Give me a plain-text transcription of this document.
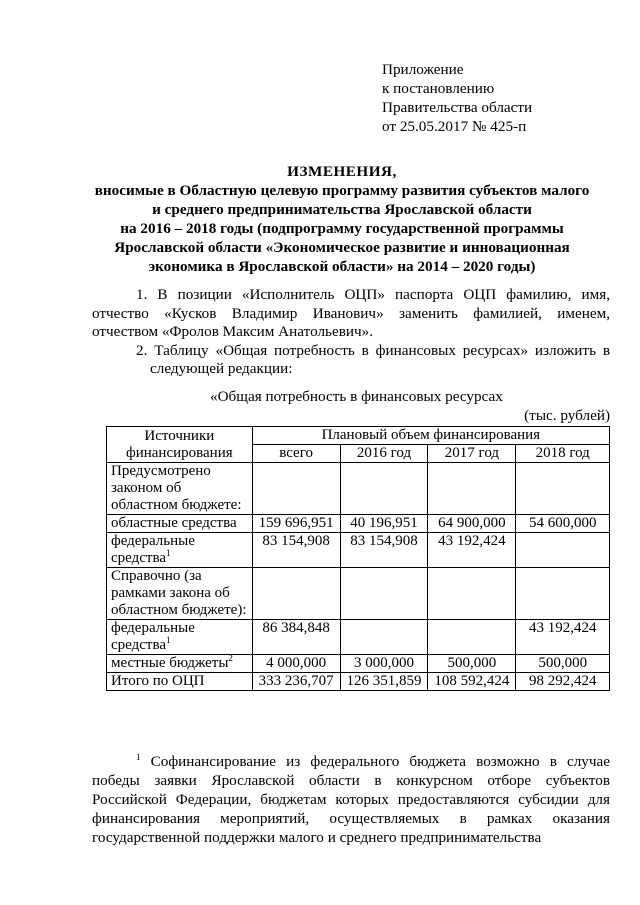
Приложение
к постановлению
Правительства области
от 25.05.2017 № 425-п
ИЗМЕНЕНИЯ,
вносимые в Областную целевую программу развития субъектов малого
и среднего предпринимательства Ярославской области
на 2016 – 2018 годы (подпрограмму государственной программы
Ярославской области «Экономическое развитие и инновационная
экономика в Ярославской области» на 2014 – 2020 годы)

1. В позиции «Исполнитель ОЦП» паспорта ОЦП фамилию, имя, отчество «Кусков Владимир Иванович» заменить фамилией, именем, отчеством «Фролов Максим Анатольевич».

2. Таблицу «Общая потребность в финансовых ресурсах» изложить в следующей редакции:

«Общая потребность в финансовых ресурсах
(тыс. рублей)
Источники финансирования	Плановый объем финансирования			
	всего	2016 год	2017 год	2018 год
Предусмотрено законом об областном бюджете:				
областные средства	159 696,951	40 196,951	64 900,000	54 600,000
федеральные средства$^1$	83 154,908	83 154,908	43 192,424	
Справочно (за рамками закона об областном бюджете):				
федеральные средства$^1$	86 384,848			43 192,424
местные бюджеты$^2$	4 000,000	3 000,000	500,000	500,000
Итого по ОЦП	333 236,707	126 351,859	108 592,424	98 292,424

$^1$ Софинансирование из федерального бюджета возможно в случае победы заявки Ярославской области в конкурсном отборе субъектов Российской Федерации, бюджетам которых предоставляются субсидии для финансирования мероприятий, осуществляемых в рамках оказания государственной поддержки малого и среднего предпринимательства
